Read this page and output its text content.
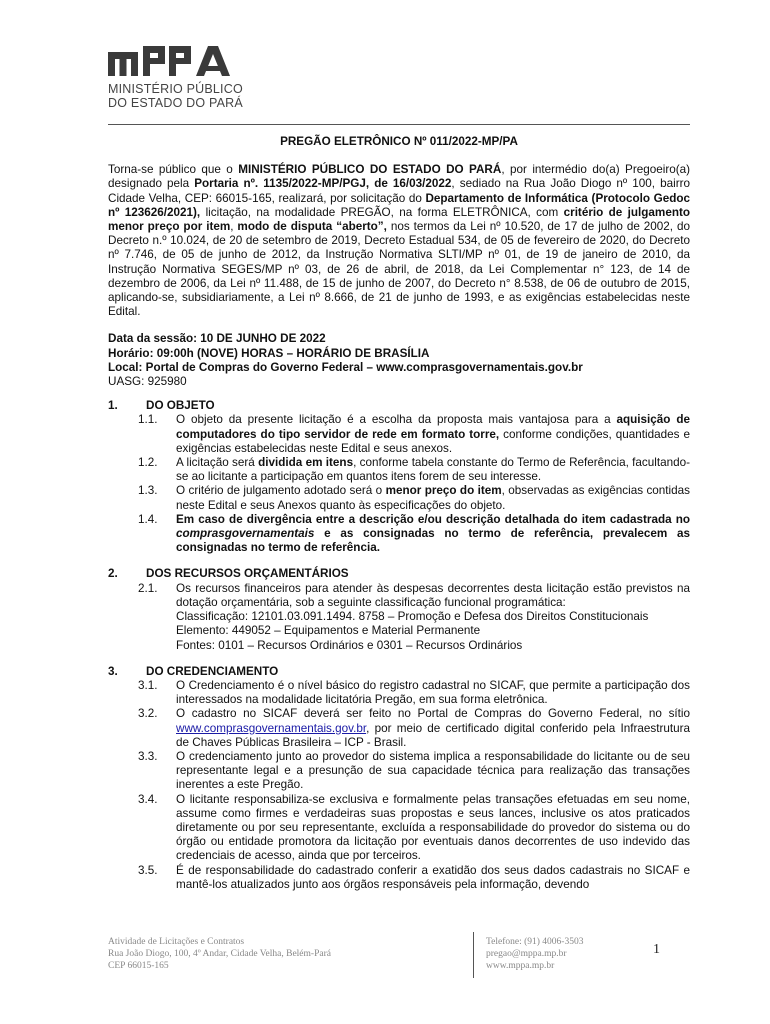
MINISTÉRIO PÚBLICO
DO ESTADO DO PARÁ

PREGÃO ELETRÔNICO Nº 011/2022-MP/PA

Torna-se público que o MINISTÉRIO PÚBLICO DO ESTADO DO PARÁ, por intermédio do(a) Pregoeiro(a) designado pela Portaria nº. 1135/2022-MP/PGJ, de 16/03/2022, sediado na Rua João Diogo nº 100, bairro Cidade Velha, CEP: 66015-165, realizará, por solicitação do Departamento de Informática (Protocolo Gedoc nº 123626/2021), licitação, na modalidade PREGÃO, na forma ELETRÔNICA, com critério de julgamento menor preço por item, modo de disputa “aberto”, nos termos da Lei nº 10.520, de 17 de julho de 2002, do Decreto n.º 10.024, de 20 de setembro de 2019, Decreto Estadual 534, de 05 de fevereiro de 2020, do Decreto nº 7.746, de 05 de junho de 2012, da Instrução Normativa SLTI/MP nº 01, de 19 de janeiro de 2010, da Instrução Normativa SEGES/MP nº 03, de 26 de abril, de 2018, da Lei Complementar n° 123, de 14 de dezembro de 2006, da Lei nº 11.488, de 15 de junho de 2007, do Decreto n° 8.538, de 06 de outubro de 2015, aplicando-se, subsidiariamente, a Lei nº 8.666, de 21 de junho de 1993, e as exigências estabelecidas neste Edital.

Data da sessão: 10 DE JUNHO DE 2022

Horário: 09:00h (NOVE) HORAS – HORÁRIO DE BRASÍLIA

Local: Portal de Compras do Governo Federal – www.comprasgovernamentais.gov.br

UASG: 925980

1.	DO OBJETO
1.1.	O objeto da presente licitação é a escolha da proposta mais vantajosa para a aquisição de computadores do tipo servidor de rede em formato torre, conforme condições, quantidades e exigências estabelecidas neste Edital e seus anexos.
1.2.	A licitação será dividida em itens, conforme tabela constante do Termo de Referência, facultando-se ao licitante a participação em quantos itens forem de seu interesse.
1.3.	O critério de julgamento adotado será o menor preço do item, observadas as exigências contidas neste Edital e seus Anexos quanto às especificações do objeto.
1.4.	Em caso de divergência entre a descrição e/ou descrição detalhada do item cadastrada no comprasgovernamentais e as consignadas no termo de referência, prevalecem as consignadas no termo de referência.
2.	DOS RECURSOS ORÇAMENTÁRIOS
2.1.	Os recursos financeiros para atender às despesas decorrentes desta licitação estão previstos na dotação orçamentária, sob a seguinte classificação funcional programática:
Classificação: 12101.03.091.1494. 8758 – Promoção e Defesa dos Direitos Constitucionais
Elemento: 449052 – Equipamentos e Material Permanente
Fontes: 0101 – Recursos Ordinários e 0301 – Recursos Ordinários
3.	DO CREDENCIAMENTO
3.1.	O Credenciamento é o nível básico do registro cadastral no SICAF, que permite a participação dos interessados na modalidade licitatória Pregão, em sua forma eletrônica.
3.2.	O cadastro no SICAF deverá ser feito no Portal de Compras do Governo Federal, no sítio www.comprasgovernamentais.gov.br, por meio de certificado digital conferido pela Infraestrutura de Chaves Públicas Brasileira – ICP - Brasil.
3.3.	O credenciamento junto ao provedor do sistema implica a responsabilidade do licitante ou de seu representante legal e a presunção de sua capacidade técnica para realização das transações inerentes a este Pregão.
3.4.	O licitante responsabiliza-se exclusiva e formalmente pelas transações efetuadas em seu nome, assume como firmes e verdadeiras suas propostas e seus lances, inclusive os atos praticados diretamente ou por seu representante, excluída a responsabilidade do provedor do sistema ou do órgão ou entidade promotora da licitação por eventuais danos decorrentes de uso indevido das credenciais de acesso, ainda que por terceiros.
3.5.	É de responsabilidade do cadastrado conferir a exatidão dos seus dados cadastrais no SICAF e mantê-los atualizados junto aos órgãos responsáveis pela informação, devendo
Atividade de Licitações e Contratos
Rua João Diogo, 100, 4º Andar, Cidade Velha, Belém-Pará
CEP 66015-165
Telefone: (91) 4006-3503
pregao@mppa.mp.br
www.mppa.mp.br
1
